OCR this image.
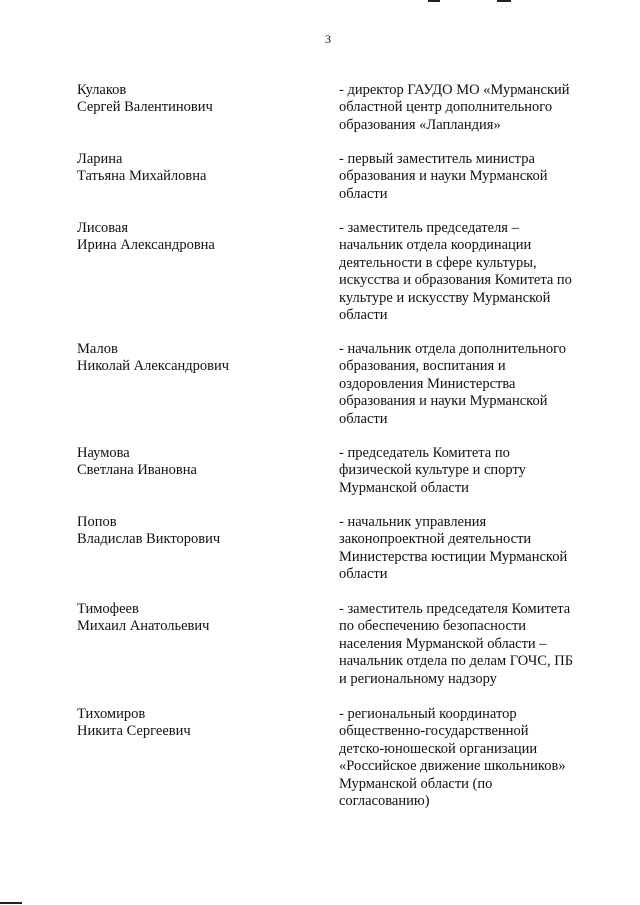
3
Кулаков
Сергей Валентинович
- директор ГАУДО МО «Мурманский
областной центр дополнительного
образования «Лапландия»
Ларина
Татьяна Михайловна
- первый заместитель министра
образования и науки Мурманской
области
Лисовая
Ирина Александровна
- заместитель председателя –
начальник отдела координации
деятельности в сфере культуры,
искусства и образования Комитета по
культуре и искусству Мурманской
области
Малов
Николай Александрович
- начальник отдела дополнительного
образования, воспитания и
оздоровления Министерства
образования и науки Мурманской
области
Наумова
Светлана Ивановна
- председатель Комитета по
физической культуре и спорту
Мурманской области
Попов
Владислав Викторович
- начальник управления
законопроектной деятельности
Министерства юстиции Мурманской
области
Тимофеев
Михаил Анатольевич
- заместитель председателя Комитета
по обеспечению безопасности
населения Мурманской области –
начальник отдела по делам ГОЧС, ПБ
и региональному надзору
Тихомиров
Никита Сергеевич
- региональный координатор
общественно-государственной
детско-юношеской организации
«Российское движение школьников»
Мурманской области (по
согласованию)
